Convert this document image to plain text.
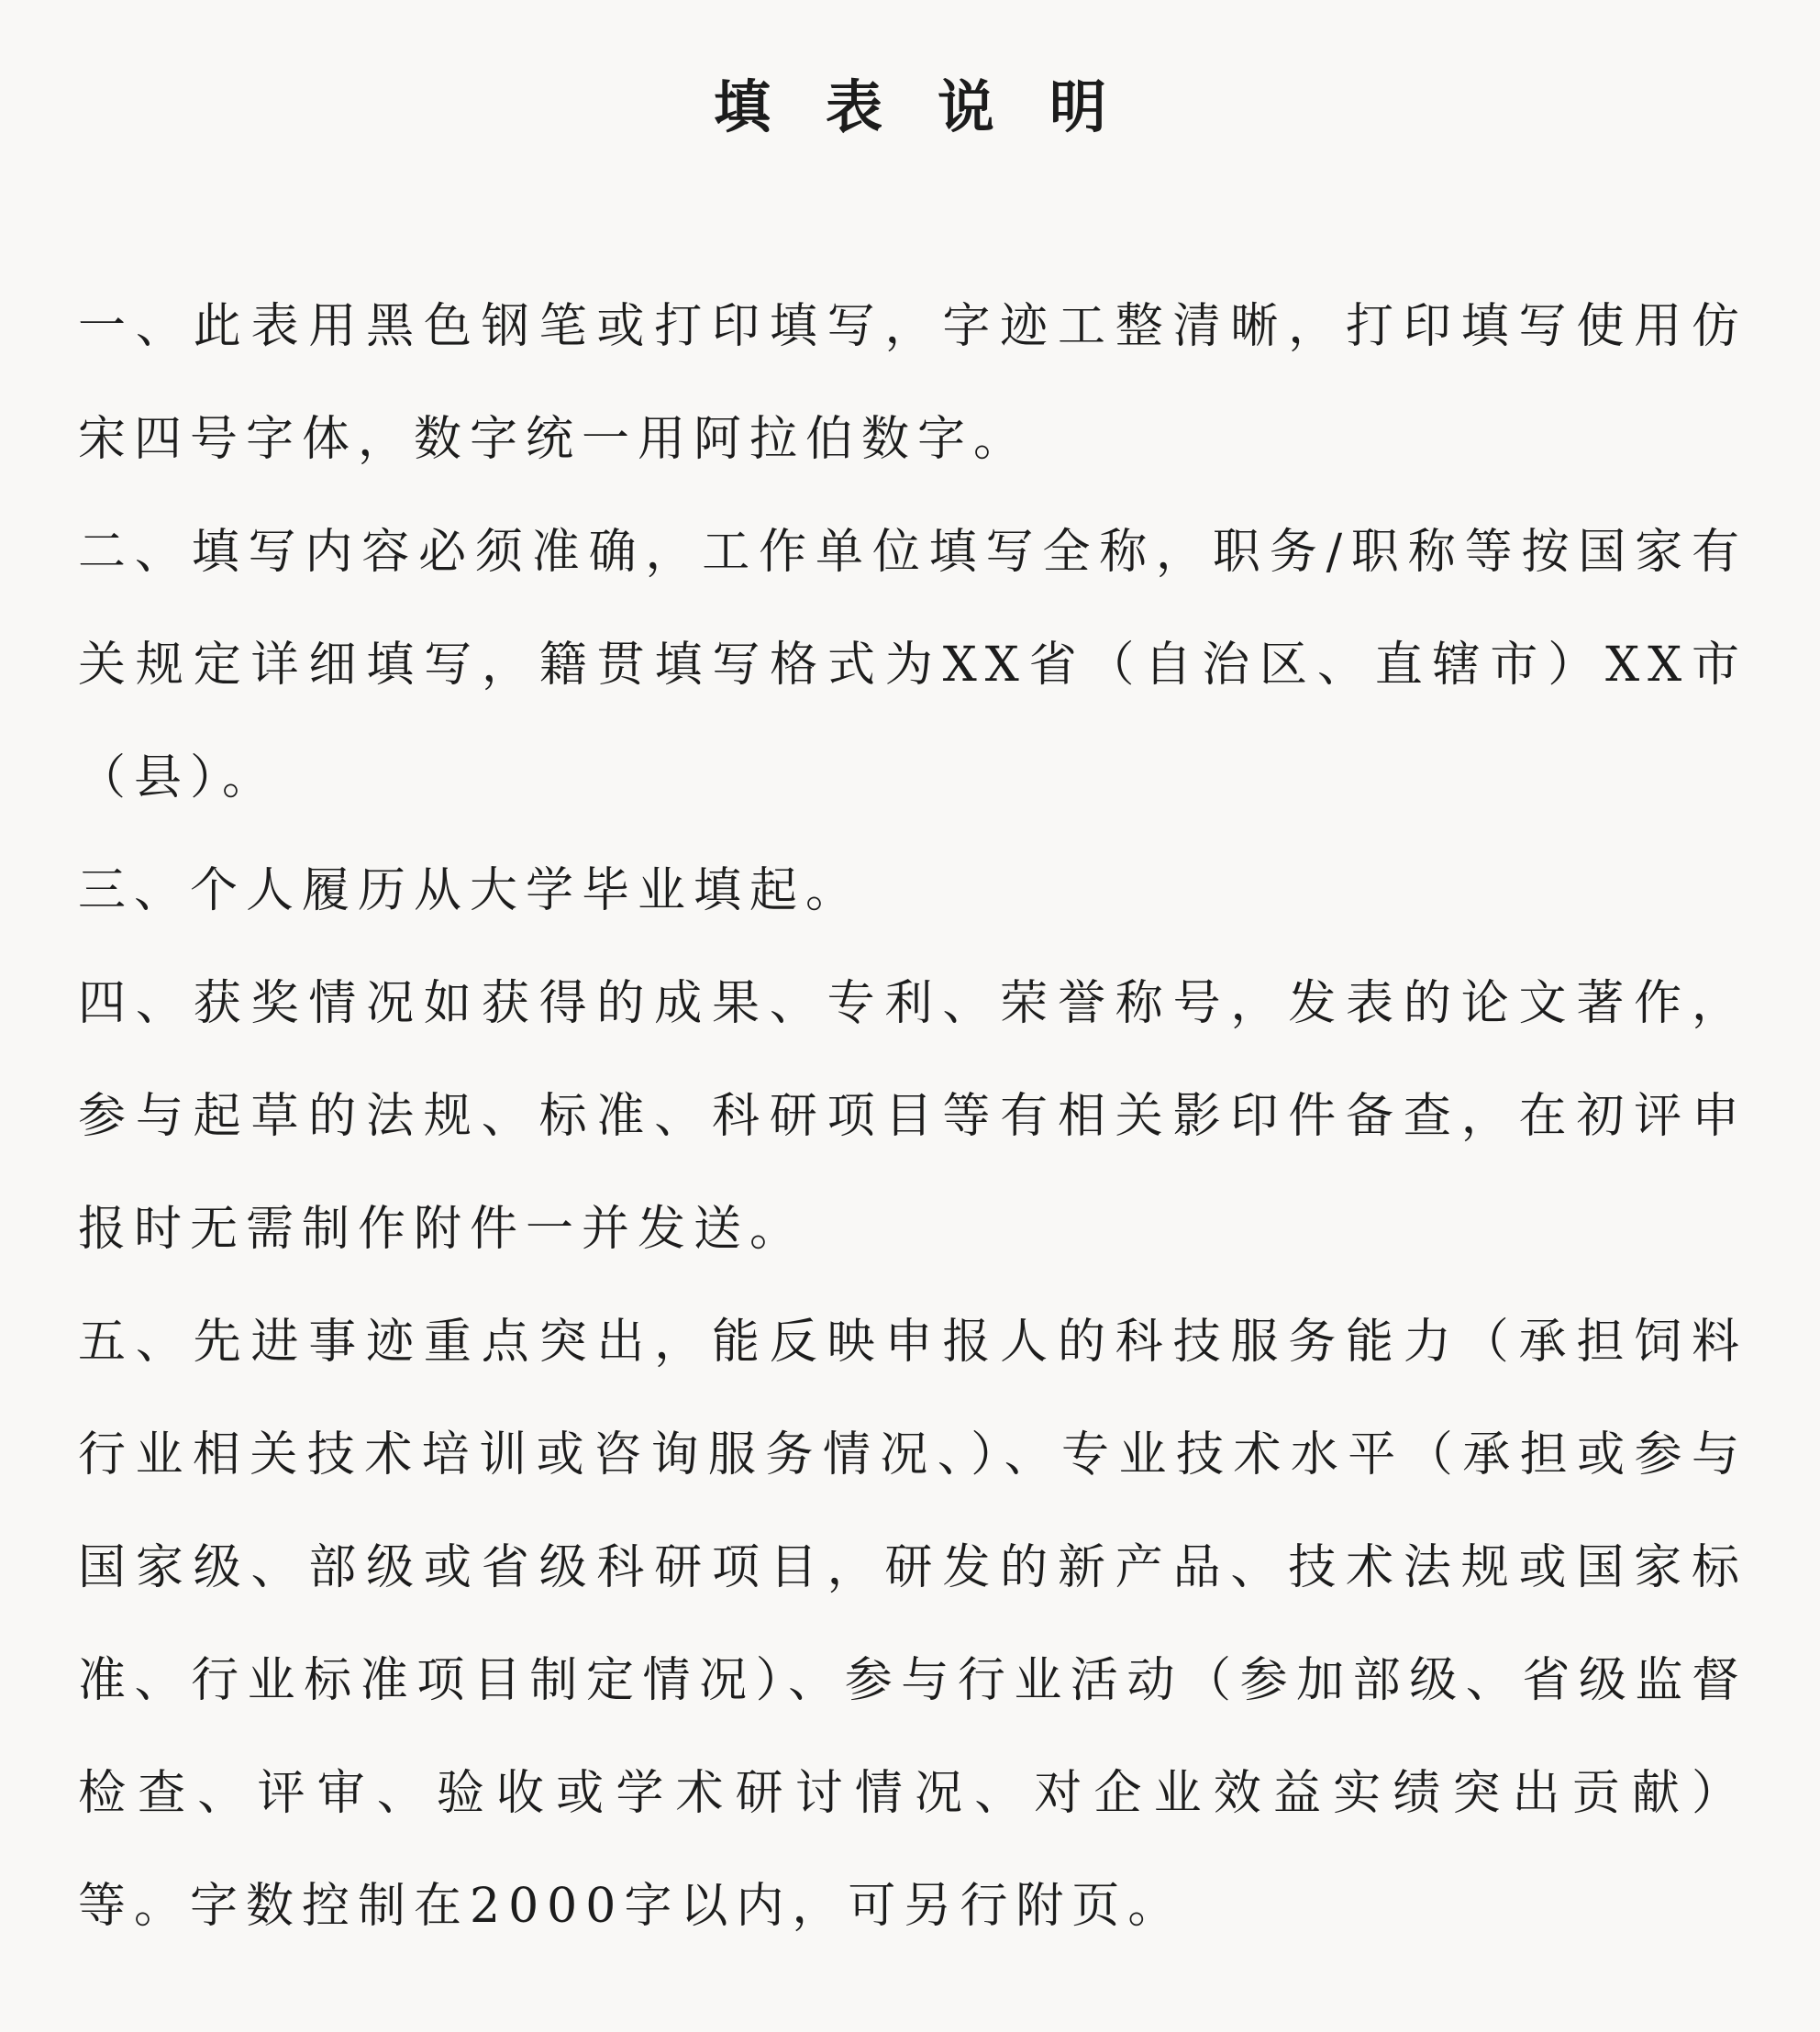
填表说明

一、此表用黑色钢笔或打印填写，字迹工整清晰，打印填写使用仿宋四号字体，数字统一用阿拉伯数字。

二、填写内容必须准确，工作单位填写全称，职务/职称等按国家有关规定详细填写，籍贯填写格式为XX省（自治区、直辖市）XX市（县）。

三、个人履历从大学毕业填起。

四、获奖情况如获得的成果、专利、荣誉称号，发表的论文著作，参与起草的法规、标准、科研项目等有相关影印件备查，在初评申报时无需制作附件一并发送。

五、先进事迹重点突出，能反映申报人的科技服务能力（承担饲料行业相关技术培训或咨询服务情况、）、专业技术水平（承担或参与国家级、部级或省级科研项目，研发的新产品、技术法规或国家标准、行业标准项目制定情况）、参与行业活动（参加部级、省级监督检查、评审、验收或学术研讨情况、对企业效益实绩突出贡献）等。字数控制在2000字以内，可另行附页。
